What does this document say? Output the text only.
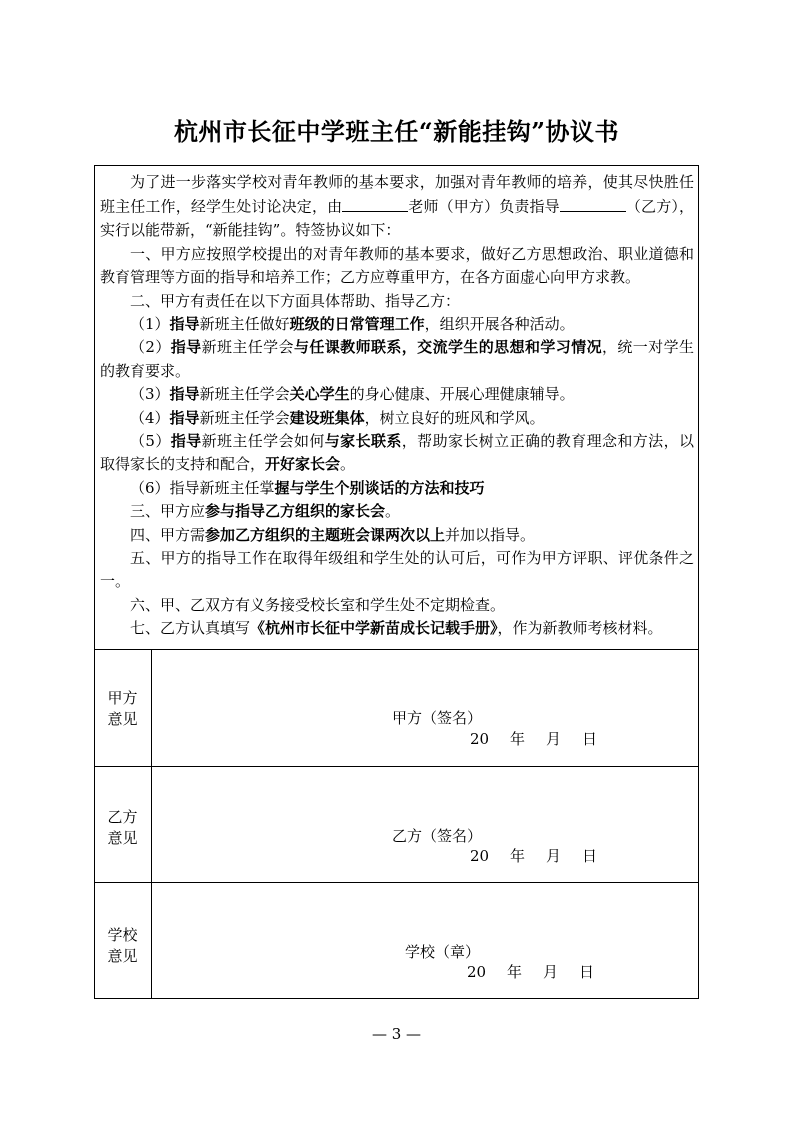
杭州市长征中学班主任“新能挂钩”协议书

为了进一步落实学校对青年教师的基本要求，加强对青年教师的培养，使其尽快胜任班主任工作，经学生处讨论决定，由	老师（甲方）负责指导	（乙方），实行以能带新，“新能挂钩”。特签协议如下：

一、甲方应按照学校提出的对青年教师的基本要求，做好乙方思想政治、职业道德和教育管理等方面的指导和培养工作；乙方应尊重甲方，在各方面虚心向甲方求教。

二、甲方有责任在以下方面具体帮助、指导乙方：

（1）指导新班主任做好班级的日常管理工作，组织开展各种活动。

（2）指导新班主任学会与任课教师联系，交流学生的思想和学习情况，统一对学生的教育要求。

（3）指导新班主任学会关心学生的身心健康、开展心理健康辅导。

（4）指导新班主任学会建设班集体，树立良好的班风和学风。

（5）指导新班主任学会如何与家长联系，帮助家长树立正确的教育理念和方法，以取得家长的支持和配合，开好家长会。

（6）指导新班主任掌握与学生个别谈话的方法和技巧

三、甲方应参与指导乙方组织的家长会。

四、甲方需参加乙方组织的主题班会课两次以上并加以指导。

五、甲方的指导工作在取得年级组和学生处的认可后，可作为甲方评职、评优条件之一。

六、甲、乙双方有义务接受校长室和学生处不定期检查。

七、乙方认真填写《杭州市长征中学新苗成长记载手册》，作为新教师考核材料。

甲方
意见	甲方（签名）
20 年 月 日
乙方
意见	乙方（签名）
20 年 月 日
学校
意见	学校（章）
20 年 月 日
— 3 —
